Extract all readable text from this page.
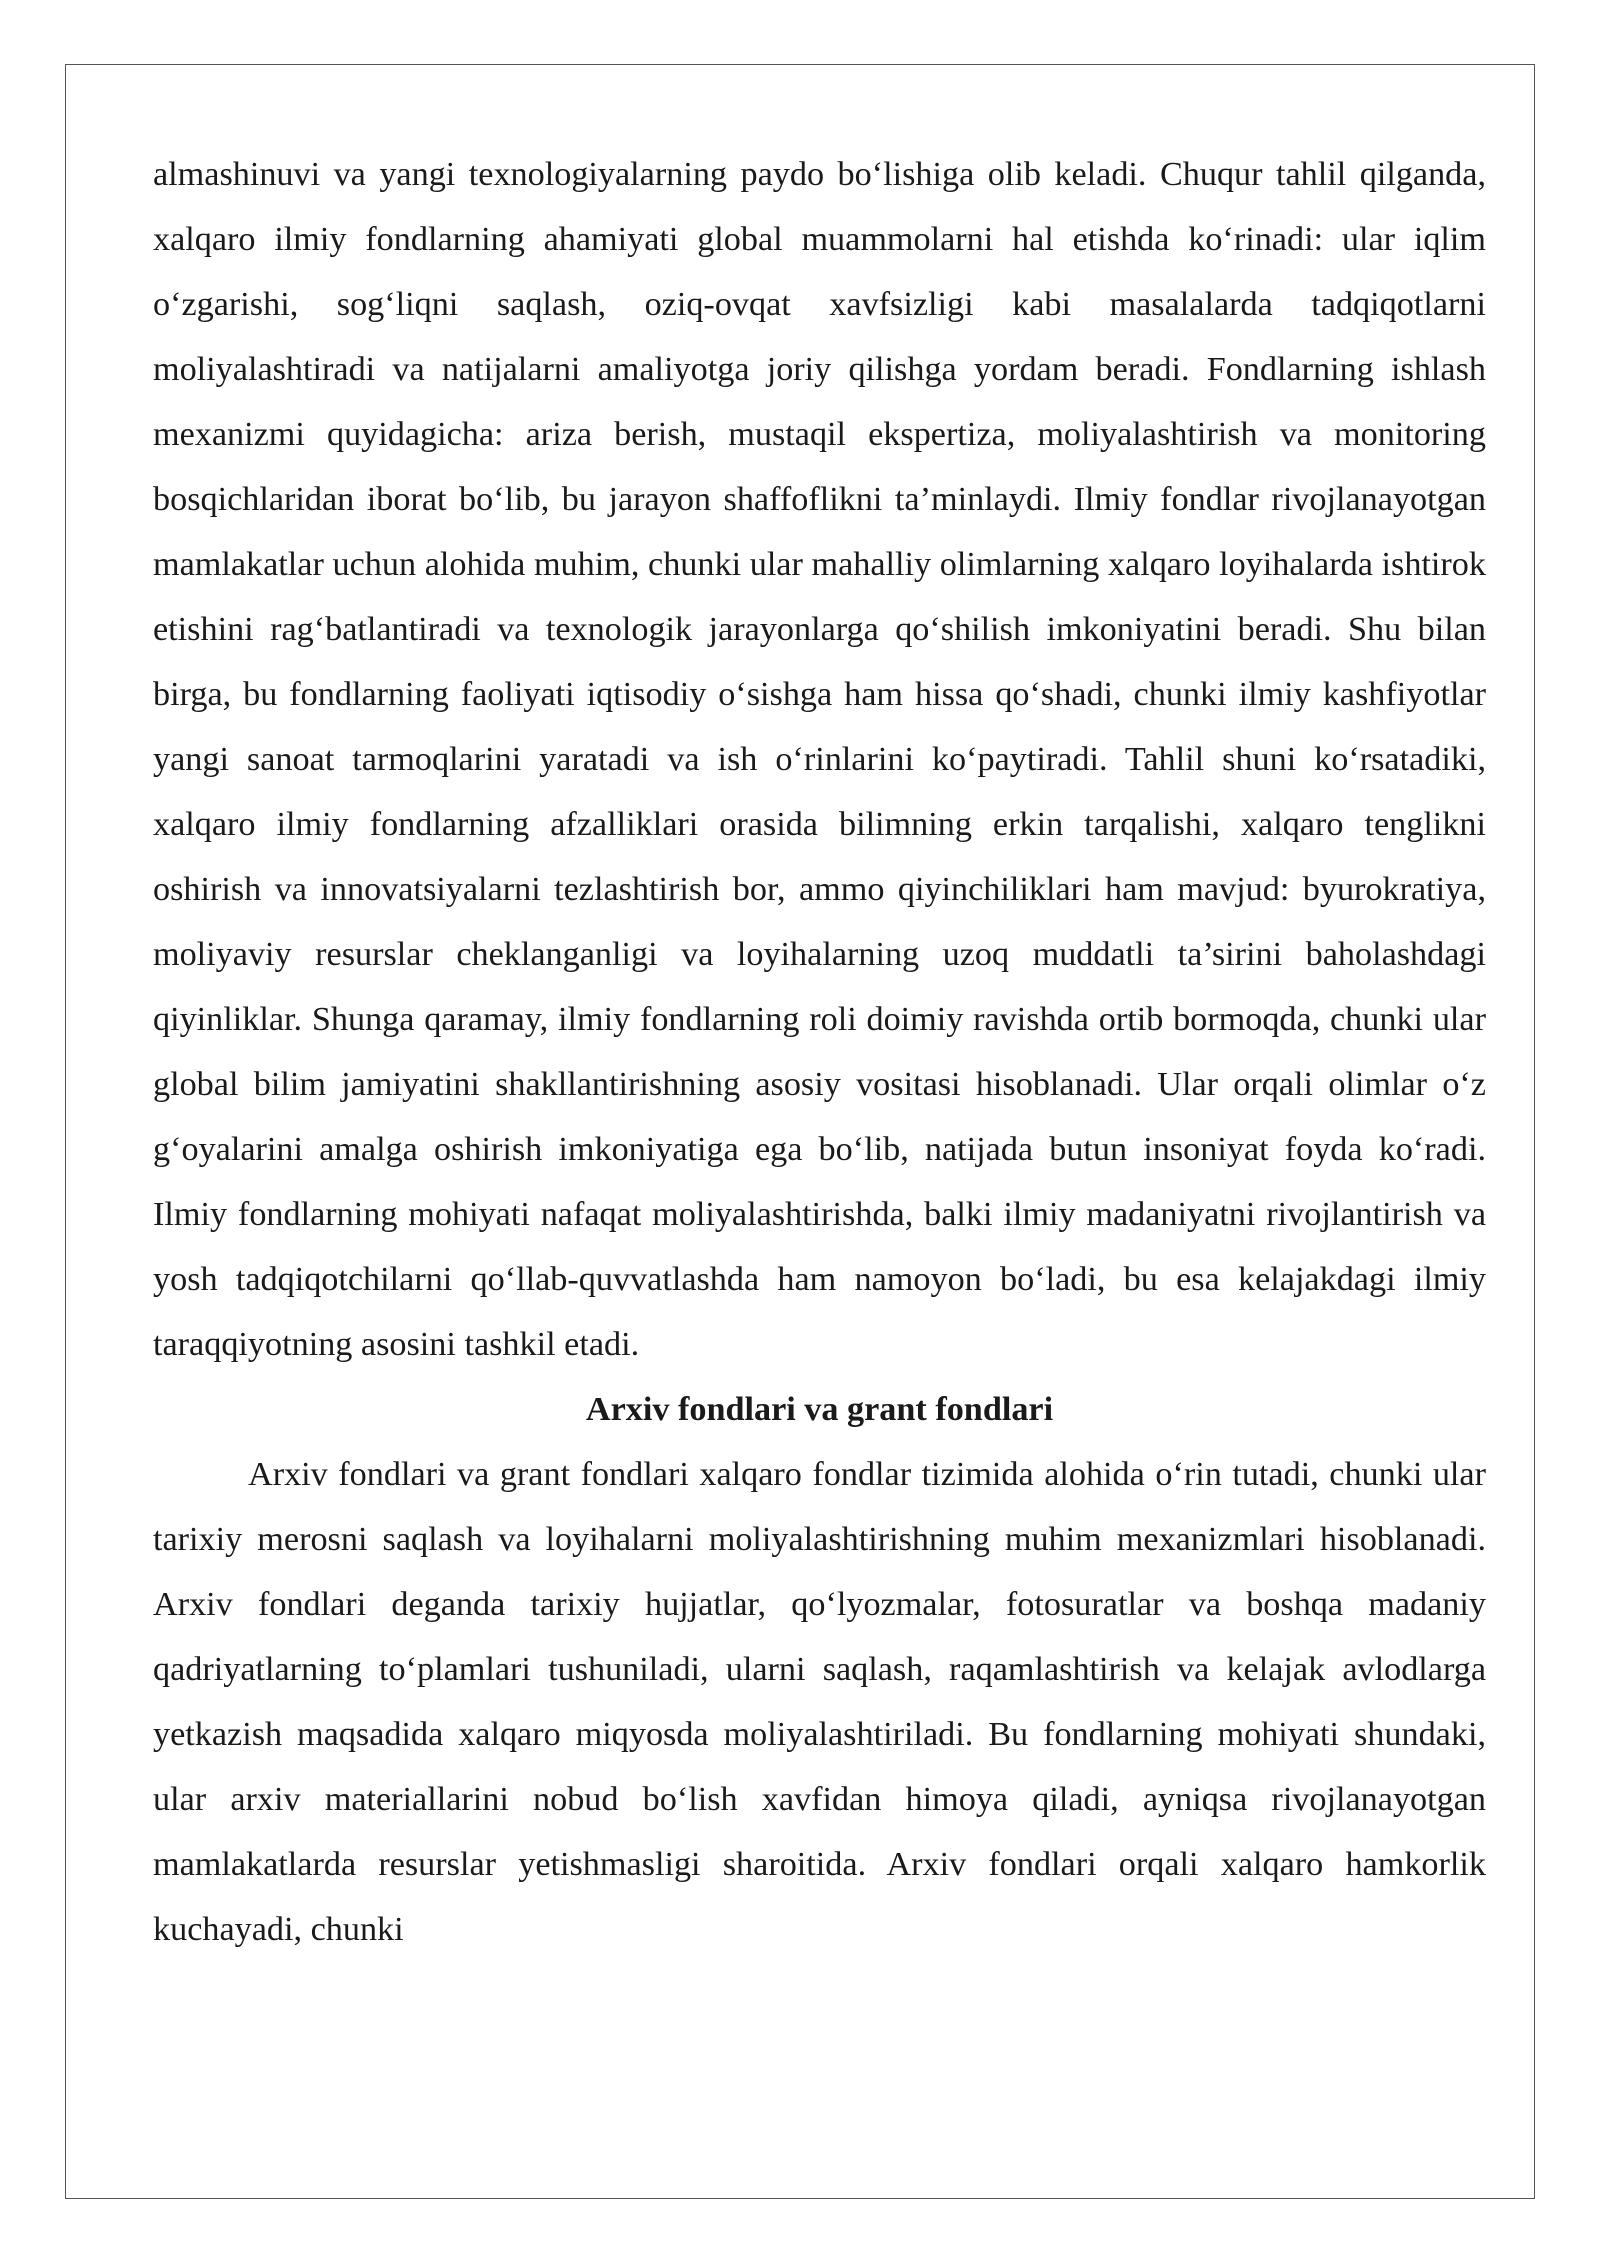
almashinuvi va yangi texnologiyalarning paydo bo‘lishiga olib keladi. Chuqur tahlil qilganda, xalqaro ilmiy fondlarning ahamiyati global muammolarni hal etishda ko‘rinadi: ular iqlim o‘zgarishi, sog‘liqni saqlash, oziq-ovqat xavfsizligi kabi masalalarda tadqiqotlarni moliyalashtiradi va natijalarni amaliyotga joriy qilishga yordam beradi. Fondlarning ishlash mexanizmi quyidagicha: ariza berish, mustaqil ekspertiza, moliyalashtirish va monitoring bosqichlaridan iborat bo‘lib, bu jarayon shaffoflikni ta’minlaydi. Ilmiy fondlar rivojlanayotgan mamlakatlar uchun alohida muhim, chunki ular mahalliy olimlarning xalqaro loyihalarda ishtirok etishini rag‘batlantiradi va texnologik jarayonlarga qo‘shilish imkoniyatini beradi. Shu bilan birga, bu fondlarning faoliyati iqtisodiy o‘sishga ham hissa qo‘shadi, chunki ilmiy kashfiyotlar yangi sanoat tarmoqlarini yaratadi va ish o‘rinlarini ko‘paytiradi. Tahlil shuni ko‘rsatadiki, xalqaro ilmiy fondlarning afzalliklari orasida bilimning erkin tarqalishi, xalqaro tenglikni oshirish va innovatsiyalarni tezlashtirish bor, ammo qiyinchiliklari ham mavjud: byurokratiya, moliyaviy resurslar cheklanganligi va loyihalarning uzoq muddatli ta’sirini baholashdagi qiyinliklar. Shunga qaramay, ilmiy fondlarning roli doimiy ravishda ortib bormoqda, chunki ular global bilim jamiyatini shakllantirishning asosiy vositasi hisoblanadi. Ular orqali olimlar o‘z g‘oyalarini amalga oshirish imkoniyatiga ega bo‘lib, natijada butun insoniyat foyda ko‘radi. Ilmiy fondlarning mohiyati nafaqat moliyalashtirishda, balki ilmiy madaniyatni rivojlantirish va yosh tadqiqotchilarni qo‘llab-quvvatlashda ham namoyon bo‘ladi, bu esa kelajakdagi ilmiy taraqqiyotning asosini tashkil etadi.

Arxiv fondlari va grant fondlari

Arxiv fondlari va grant fondlari xalqaro fondlar tizimida alohida o‘rin tutadi, chunki ular tarixiy merosni saqlash va loyihalarni moliyalashtirishning muhim mexanizmlari hisoblanadi. Arxiv fondlari deganda tarixiy hujjatlar, qo‘lyozmalar, fotosuratlar va boshqa madaniy qadriyatlarning to‘plamlari tushuniladi, ularni saqlash, raqamlashtirish va kelajak avlodlarga yetkazish maqsadida xalqaro miqyosda moliyalashtiriladi. Bu fondlarning mohiyati shundaki, ular arxiv materiallarini nobud bo‘lish xavfidan himoya qiladi, ayniqsa rivojlanayotgan mamlakatlarda resurslar yetishmasligi sharoitida. Arxiv fondlari orqali xalqaro hamkorlik kuchayadi, chunki
